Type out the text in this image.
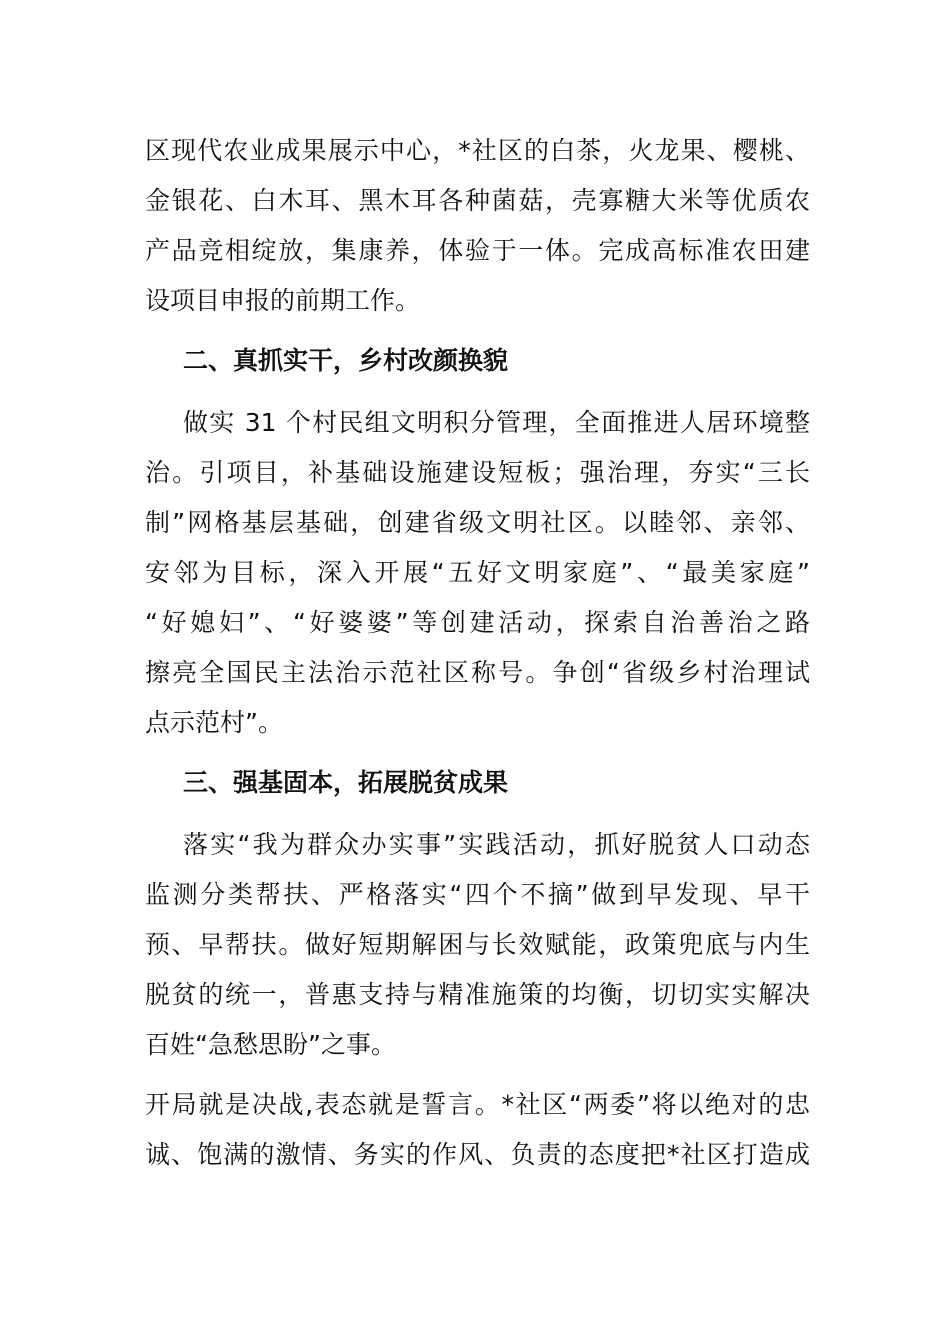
区现代农业成果展示中心，*社区的白茶，火龙果、樱桃、
金银花、白木耳、黑木耳各种菌菇，壳寡糖大米等优质农
产品竞相绽放，集康养，体验于一体。完成高标准农田建
设项目申报的前期工作。

二、真抓实干，乡村改颜换貌

做实 31 个村民组文明积分管理，全面推进人居环境整
治。引项目，补基础设施建设短板；强治理，夯实“三长
制”网格基层基础，创建省级文明社区。以睦邻、亲邻、
安邻为目标，深入开展“五好文明家庭”、“最美家庭”
“好媳妇”、“好婆婆”等创建活动，探索自治善治之路
擦亮全国民主法治示范社区称号。争创“省级乡村治理试
点示范村”。

三、强基固本，拓展脱贫成果

落实“我为群众办实事”实践活动，抓好脱贫人口动态
监测分类帮扶、严格落实“四个不摘”做到早发现、早干
预、早帮扶。做好短期解困与长效赋能，政策兜底与内生
脱贫的统一，普惠支持与精准施策的均衡，切切实实解决
百姓“急愁思盼”之事。

开局就是决战,表态就是誓言。*社区“两委”将以绝对的忠
诚、饱满的激情、务实的作风、负责的态度把*社区打造成
